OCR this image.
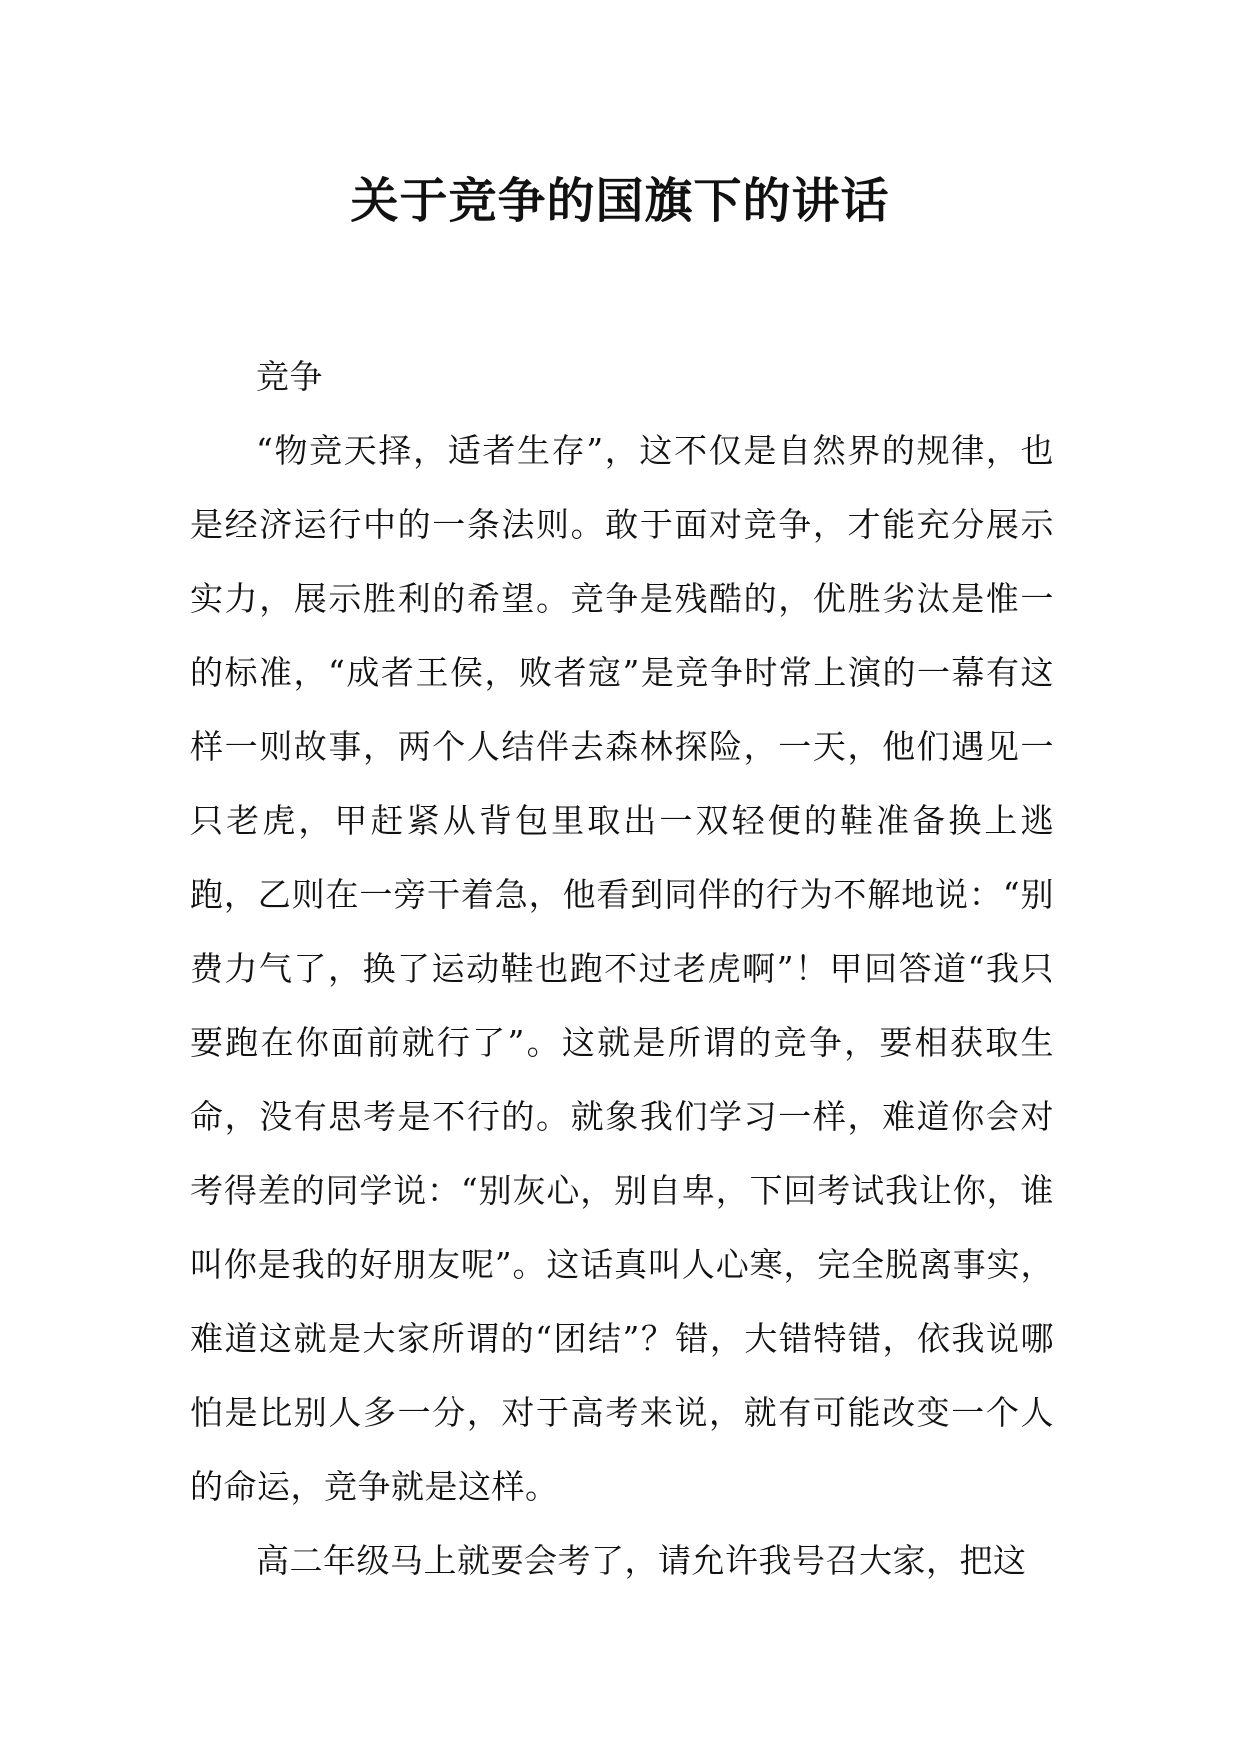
关于竞争的国旗下的讲话

竞争

“物竞天择，适者生存”，这不仅是自然界的规律，也是经济运行中的一条法则。敢于面对竞争，才能充分展示实力，展示胜利的希望。竞争是残酷的，优胜劣汰是惟一的标准，“成者王侯，败者寇”是竞争时常上演的一幕有这样一则故事，两个人结伴去森林探险，一天，他们遇见一只老虎，甲赶紧从背包里取出一双轻便的鞋准备换上逃跑，乙则在一旁干着急，他看到同伴的行为不解地说：“别费力气了，换了运动鞋也跑不过老虎啊”！甲回答道“我只要跑在你面前就行了”。这就是所谓的竞争，要相获取生命，没有思考是不行的。就象我们学习一样，难道你会对考得差的同学说：“别灰心，别自卑，下回考试我让你，谁叫你是我的好朋友呢”。这话真叫人心寒，完全脱离事实，难道这就是大家所谓的“团结”？错，大错特错，依我说哪怕是比别人多一分，对于高考来说，就有可能改变一个人的命运，竞争就是这样。

高二年级马上就要会考了，请允许我号召大家，把这
